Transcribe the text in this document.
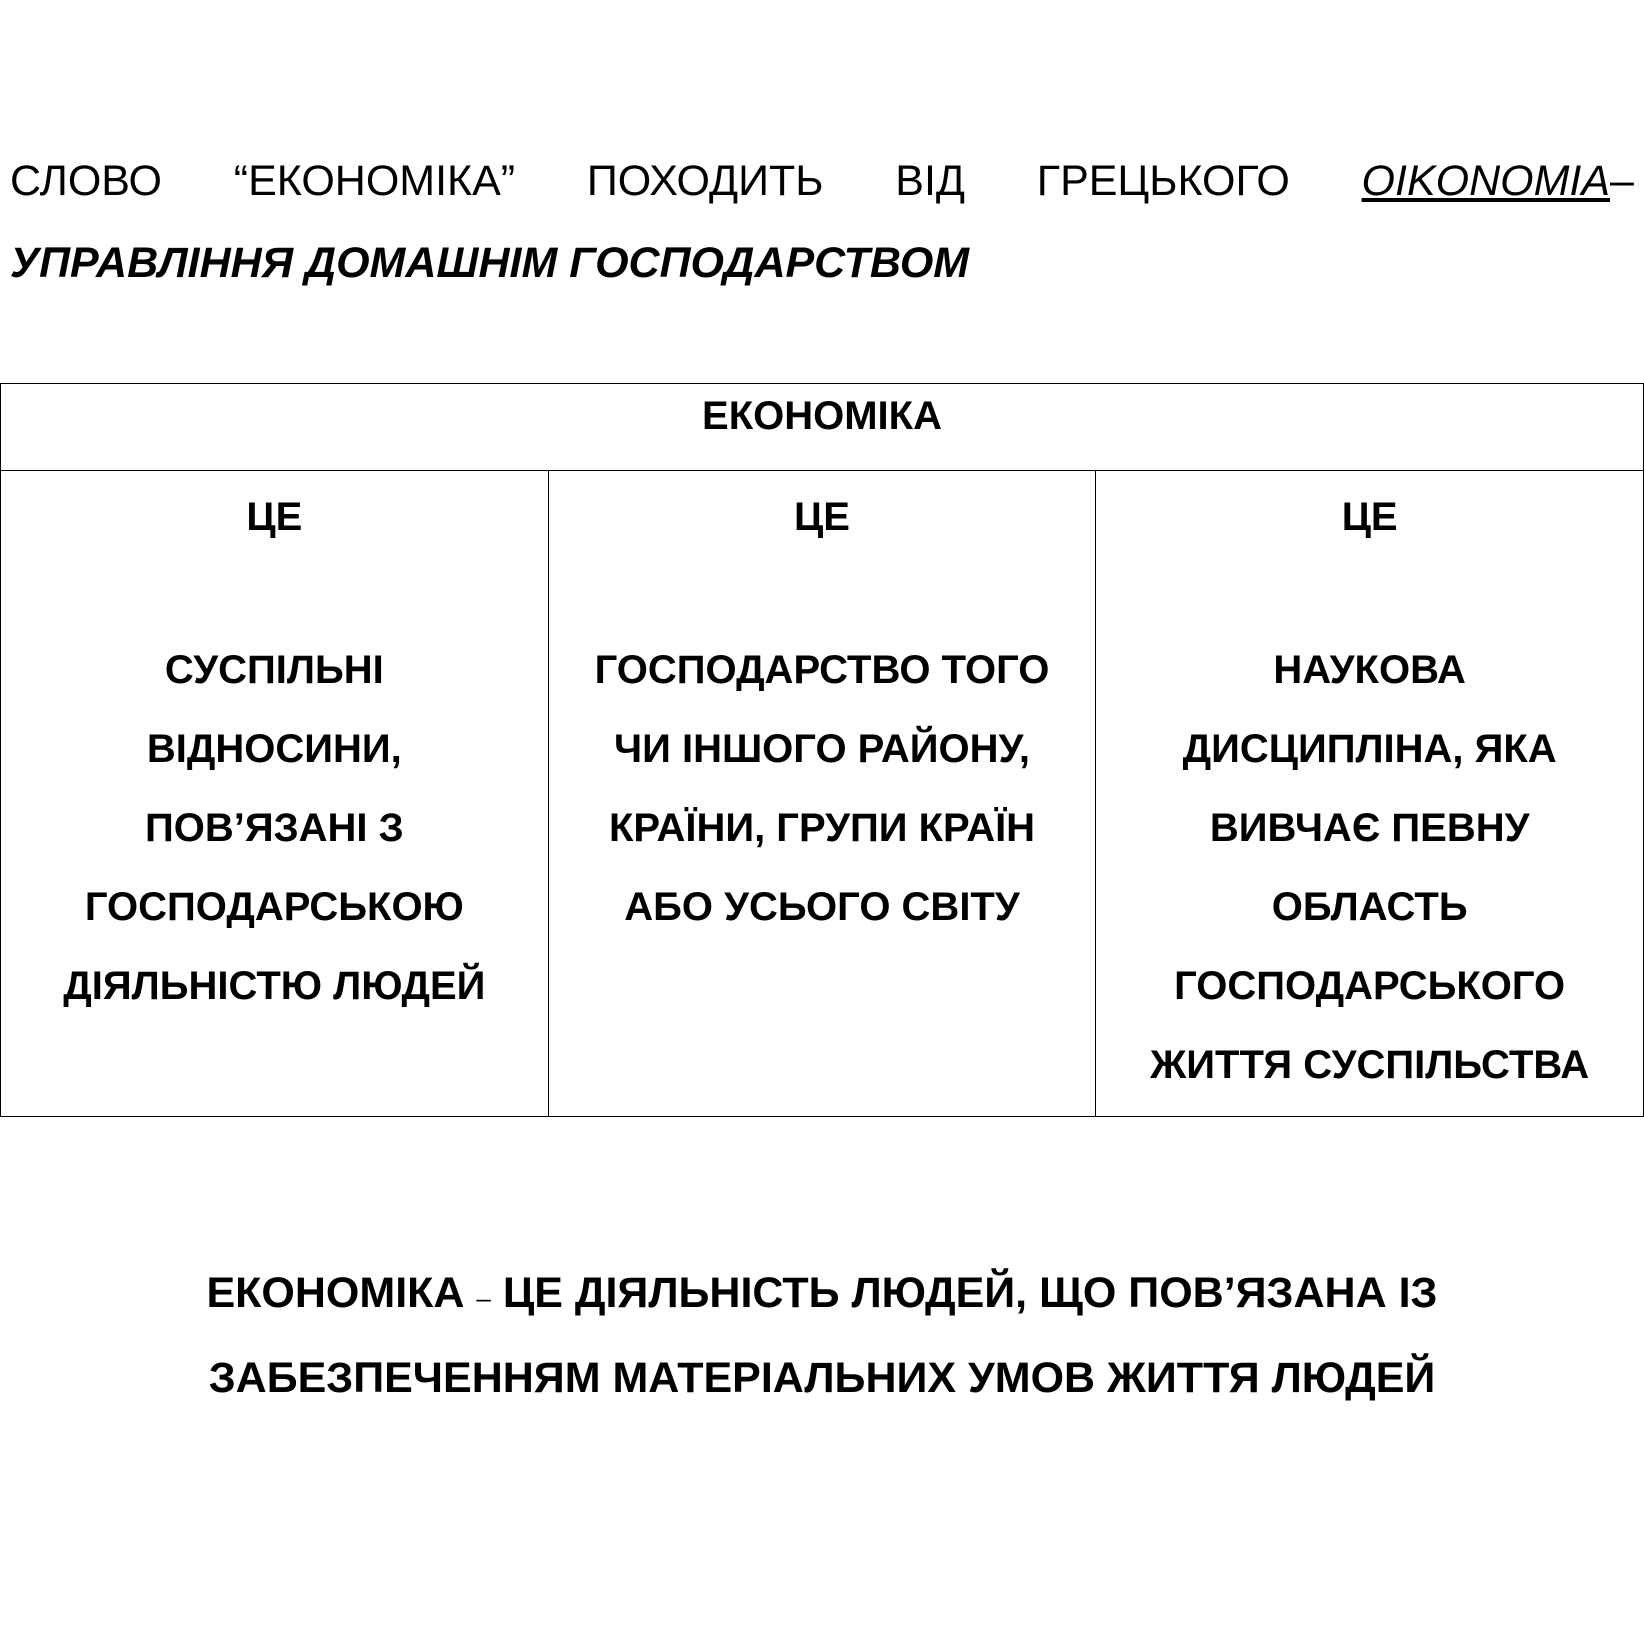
СЛОВО “ЕКОНОМІКА” ПОХОДИТЬ ВІД ГРЕЦЬКОГО OIKONOMIA–
УПРАВЛІННЯ ДОМАШНІМ ГОСПОДАРСТВОМ
ЕКОНОМІКА

ЦЕ
СУСПІЛЬНІ
ВІДНОСИНИ,
ПОВ’ЯЗАНІ З
ГОСПОДАРСЬКОЮ
ДІЯЛЬНІСТЮ ЛЮДЕЙ

ЦЕ
ГОСПОДАРСТВО ТОГО
ЧИ ІНШОГО РАЙОНУ,
КРАЇНИ, ГРУПИ КРАЇН
АБО УСЬОГО СВІТУ

ЦЕ
НАУКОВА
ДИСЦИПЛІНА, ЯКА
ВИВЧАЄ ПЕВНУ
ОБЛАСТЬ
ГОСПОДАРСЬКОГО
ЖИТТЯ СУСПІЛЬСТВА
ЕКОНОМІКА – ЦЕ ДІЯЛЬНІСТЬ ЛЮДЕЙ, ЩО ПОВ’ЯЗАНА ІЗ
ЗАБЕЗПЕЧЕННЯМ МАТЕРІАЛЬНИХ УМОВ ЖИТТЯ ЛЮДЕЙ
